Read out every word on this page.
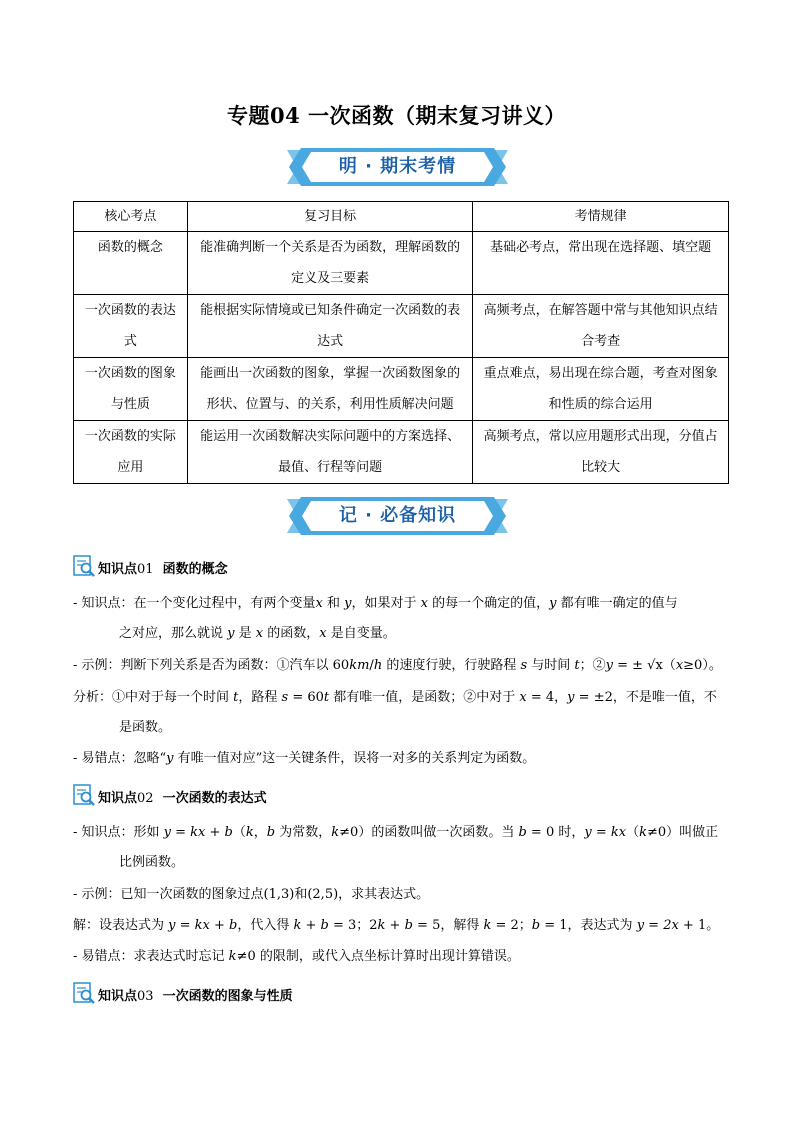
专题04 一次函数（期末复习讲义）
明 · 期末考情
核心考点	复习目标	考情规律
函数的概念	能准确判断一个关系是否为函数，理解函数的定义及三要素	基础必考点，常出现在选择题、填空题
一次函数的表达式	能根据实际情境或已知条件确定一次函数的表达式	高频考点，在解答题中常与其他知识点结合考查
一次函数的图象与性质	能画出一次函数的图象，掌握一次函数图象的形状、位置与、的关系，利用性质解决问题	重点难点，易出现在综合题，考查对图象和性质的综合运用
一次函数的实际应用	能运用一次函数解决实际问题中的方案选择、最值、行程等问题	高频考点，常以应用题形式出现，分值占比较大
记 · 必备知识
知识点01 函数的概念
- 知识点：在一个变化过程中，有两个变量x 和 y，如果对于 x 的每一个确定的值，y 都有唯一确定的值与
之对应，那么就说 y 是 x 的函数，x 是自变量。
- 示例：判断下列关系是否为函数：①汽车以 60km/h 的速度行驶，行驶路程 s 与时间 t；②y = ± √x（x≥0）。
分析：①中对于每一个时间 t，路程 s = 60t 都有唯一值，是函数；②中对于 x = 4，y = ±2，不是唯一值，不
是函数。
- 易错点：忽略“y 有唯一值对应”这一关键条件，误将一对多的关系判定为函数。
知识点02 一次函数的表达式
- 知识点：形如 y = kx + b（k，b 为常数，k≠0）的函数叫做一次函数。当 b = 0 时，y = kx（k≠0）叫做正
比例函数。
- 示例：已知一次函数的图象过点(1,3)和(2,5)，求其表达式。
解：设表达式为 y = kx + b，代入得 k + b = 3；2k + b = 5，解得 k = 2；b = 1，表达式为 y = 2x + 1。
- 易错点：求表达式时忘记 k≠0 的限制，或代入点坐标计算时出现计算错误。
知识点03 一次函数的图象与性质
